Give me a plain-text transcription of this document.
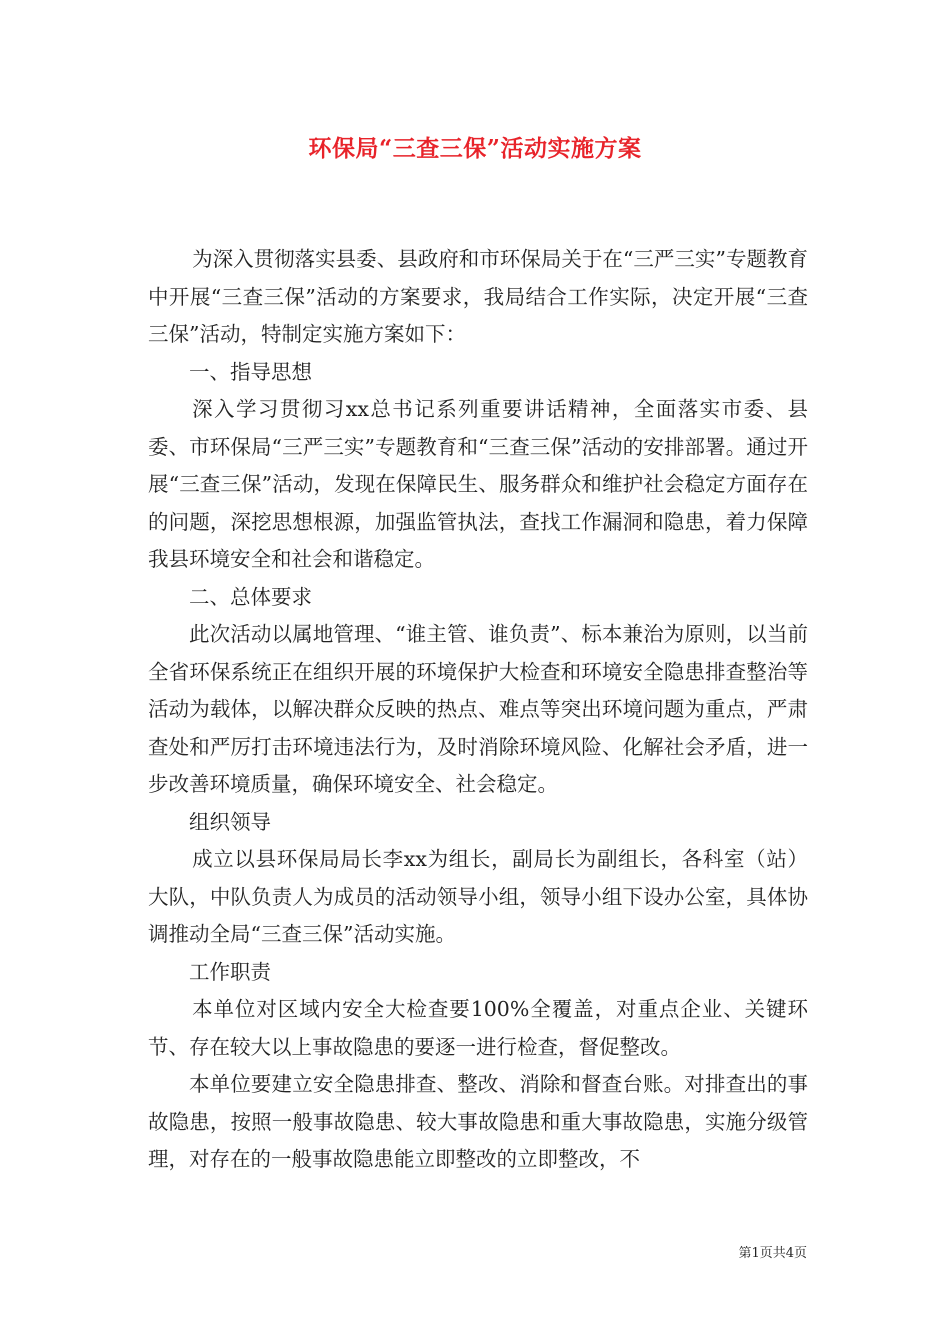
环保局“三查三保”活动实施方案

为深入贯彻落实县委、县政府和市环保局关于在“三严三实”专题教育中开展“三查三保”活动的方案要求，我局结合工作实际，决定开展“三查三保”活动，特制定实施方案如下：

一、指导思想

深入学习贯彻习xx总书记系列重要讲话精神，全面落实市委、县委、市环保局“三严三实”专题教育和“三查三保”活动的安排部署。通过开展“三查三保”活动，发现在保障民生、服务群众和维护社会稳定方面存在的问题，深挖思想根源，加强监管执法，查找工作漏洞和隐患，着力保障我县环境安全和社会和谐稳定。

二、总体要求

此次活动以属地管理、“谁主管、谁负责”、标本兼治为原则，以当前全省环保系统正在组织开展的环境保护大检查和环境安全隐患排查整治等活动为载体，以解决群众反映的热点、难点等突出环境问题为重点，严肃查处和严厉打击环境违法行为，及时消除环境风险、化解社会矛盾，进一步改善环境质量，确保环境安全、社会稳定。

组织领导

成立以县环保局局长李xx为组长，副局长为副组长，各科室（站）大队，中队负责人为成员的活动领导小组，领导小组下设办公室，具体协调推动全局“三查三保”活动实施。

工作职责

本单位对区域内安全大检查要100%全覆盖，对重点企业、关键环节、存在较大以上事故隐患的要逐一进行检查，督促整改。

本单位要建立安全隐患排查、整改、消除和督查台账。对排查出的事故隐患，按照一般事故隐患、较大事故隐患和重大事故隐患，实施分级管理，对存在的一般事故隐患能立即整改的立即整改，不

第1页共4页
